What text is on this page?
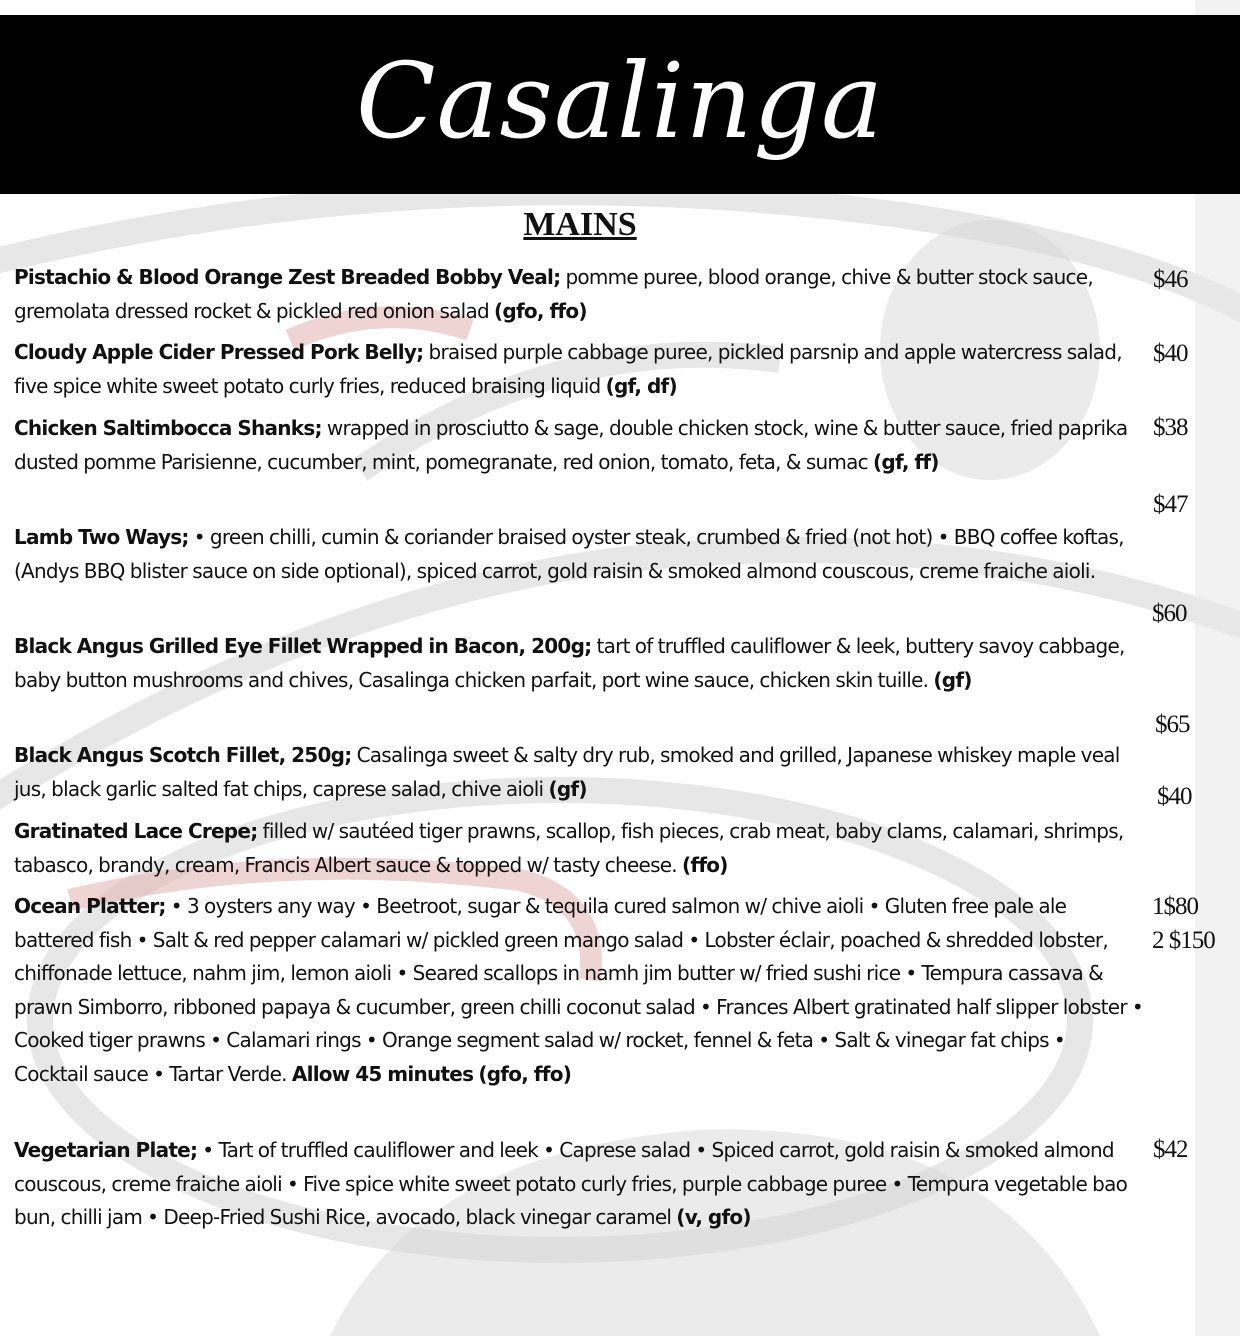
Casalinga
MAINS
Pistachio & Blood Orange Zest Breaded Bobby Veal; pomme puree, blood orange, chive & butter stock sauce, gremolata dressed rocket & pickled red onion salad (gfo, ffo)
$46
Cloudy Apple Cider Pressed Pork Belly; braised purple cabbage puree, pickled parsnip and apple watercress salad, five spice white sweet potato curly fries, reduced braising liquid (gf, df)
$40
Chicken Saltimbocca Shanks; wrapped in prosciutto & sage, double chicken stock, wine & butter sauce, fried paprika dusted pomme Parisienne, cucumber, mint, pomegranate, red onion, tomato, feta, & sumac (gf, ff)
$38
Lamb Two Ways; • green chilli, cumin & coriander braised oyster steak, crumbed & fried (not hot) • BBQ coffee koftas, (Andys BBQ blister sauce on side optional), spiced carrot, gold raisin & smoked almond couscous, creme fraiche aioli.
$47
Black Angus Grilled Eye Fillet Wrapped in Bacon, 200g; tart of truffled cauliflower & leek, buttery savoy cabbage, baby button mushrooms and chives, Casalinga chicken parfait, port wine sauce, chicken skin tuille. (gf)
$60
Black Angus Scotch Fillet, 250g; Casalinga sweet & salty dry rub, smoked and grilled, Japanese whiskey maple veal jus, black garlic salted fat chips, caprese salad, chive aioli (gf)
$65
Gratinated Lace Crepe; filled w/ sautéed tiger prawns, scallop, fish pieces, crab meat, baby clams, calamari, shrimps, tabasco, brandy, cream, Francis Albert sauce & topped w/ tasty cheese. (ffo)
$40
Ocean Platter; • 3 oysters any way • Beetroot, sugar & tequila cured salmon w/ chive aioli • Gluten free pale ale battered fish • Salt & red pepper calamari w/ pickled green mango salad • Lobster éclair, poached & shredded lobster, chiffonade lettuce, nahm jim, lemon aioli • Seared scallops in namh jim butter w/ fried sushi rice • Tempura cassava & prawn Simborro, ribboned papaya & cucumber, green chilli coconut salad • Frances Albert gratinated half slipper lobster • Cooked tiger prawns • Calamari rings • Orange segment salad w/ rocket, fennel & feta • Salt & vinegar fat chips • Cocktail sauce • Tartar Verde. Allow 45 minutes (gfo, ffo)
1$80
2 $150
Vegetarian Plate; • Tart of truffled cauliflower and leek • Caprese salad • Spiced carrot, gold raisin & smoked almond couscous, creme fraiche aioli • Five spice white sweet potato curly fries, purple cabbage puree • Tempura vegetable bao bun, chilli jam • Deep-Fried Sushi Rice, avocado, black vinegar caramel (v, gfo)
$42
